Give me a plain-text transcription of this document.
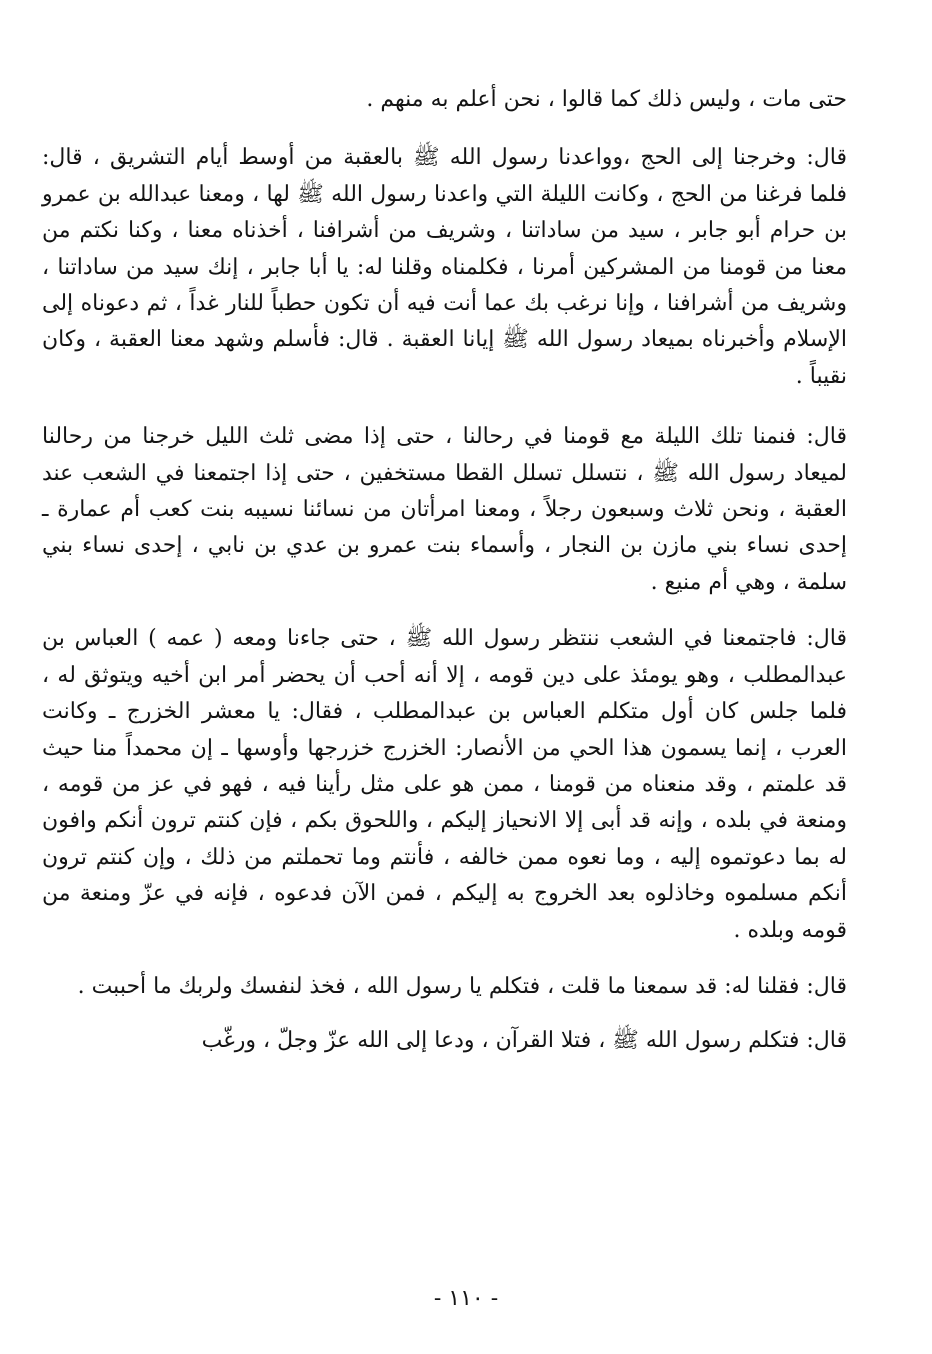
حتى مات ، وليس ذلك كما قالوا ، نحن أعلم به منهم .

قال: وخرجنا إلى الحج ،وواعدنا رسول الله ﷺ بالعقبة من أوسط أيام التشريق ، قال: فلما فرغنا من الحج ، وكانت الليلة التي واعدنا رسول الله ﷺ لها ، ومعنا عبدالله بن عمرو بن حرام أبو جابر ، سيد من ساداتنا ، وشريف من أشرافنا ، أخذناه معنا ، وكنا نكتم من معنا من قومنا من المشركين أمرنا ، فكلمناه وقلنا له: يا أبا جابر ، إنك سيد من ساداتنا ، وشريف من أشرافنا ، وإنا نرغب بك عما أنت فيه أن تكون حطباً للنار غداً ، ثم دعوناه إلى الإسلام وأخبرناه بميعاد رسول الله ﷺ إيانا العقبة . قال: فأسلم وشهد معنا العقبة ، وكان نقيباً .

قال: فنمنا تلك الليلة مع قومنا في رحالنا ، حتى إذا مضى ثلث الليل خرجنا من رحالنا لميعاد رسول الله ﷺ ، نتسلل تسلل القطا مستخفين ، حتى إذا اجتمعنا في الشعب عند العقبة ، ونحن ثلاث وسبعون رجلاً ، ومعنا امرأتان من نسائنا نسيبه بنت كعب أم عمارة ـ إحدى نساء بني مازن بن النجار ، وأسماء بنت عمرو بن عدي بن نابي ، إحدى نساء بني سلمة ، وهي أم منيع .

قال: فاجتمعنا في الشعب ننتظر رسول الله ﷺ ، حتى جاءنا ومعه ( عمه ) العباس بن عبدالمطلب ، وهو يومئذ على دين قومه ، إلا أنه أحب أن يحضر أمر ابن أخيه ويتوثق له ، فلما جلس كان أول متكلم العباس بن عبدالمطلب ، فقال: يا معشر الخزرج ـ وكانت العرب ، إنما يسمون هذا الحي من الأنصار: الخزرج خزرجها وأوسها ـ إن محمداً منا حيث قد علمتم ، وقد منعناه من قومنا ، ممن هو على مثل رأينا فيه ، فهو في عز من قومه ، ومنعة في بلده ، وإنه قد أبى إلا الانحياز إليكم ، واللحوق بكم ، فإن كنتم ترون أنكم وافون له بما دعوتموه إليه ، وما نعوه ممن خالفه ، فأنتم وما تحملتم من ذلك ، وإن كنتم ترون أنكم مسلموه وخاذلوه بعد الخروج به إليكم ، فمن الآن فدعوه ، فإنه في عزّ ومنعة من قومه وبلده .

قال: فقلنا له: قد سمعنا ما قلت ، فتكلم يا رسول الله ، فخذ لنفسك ولربك ما أحببت .

قال: فتكلم رسول الله ﷺ ، فتلا القرآن ، ودعا إلى الله عزّ وجلّ ، ورغّب

- ١١٠ -
